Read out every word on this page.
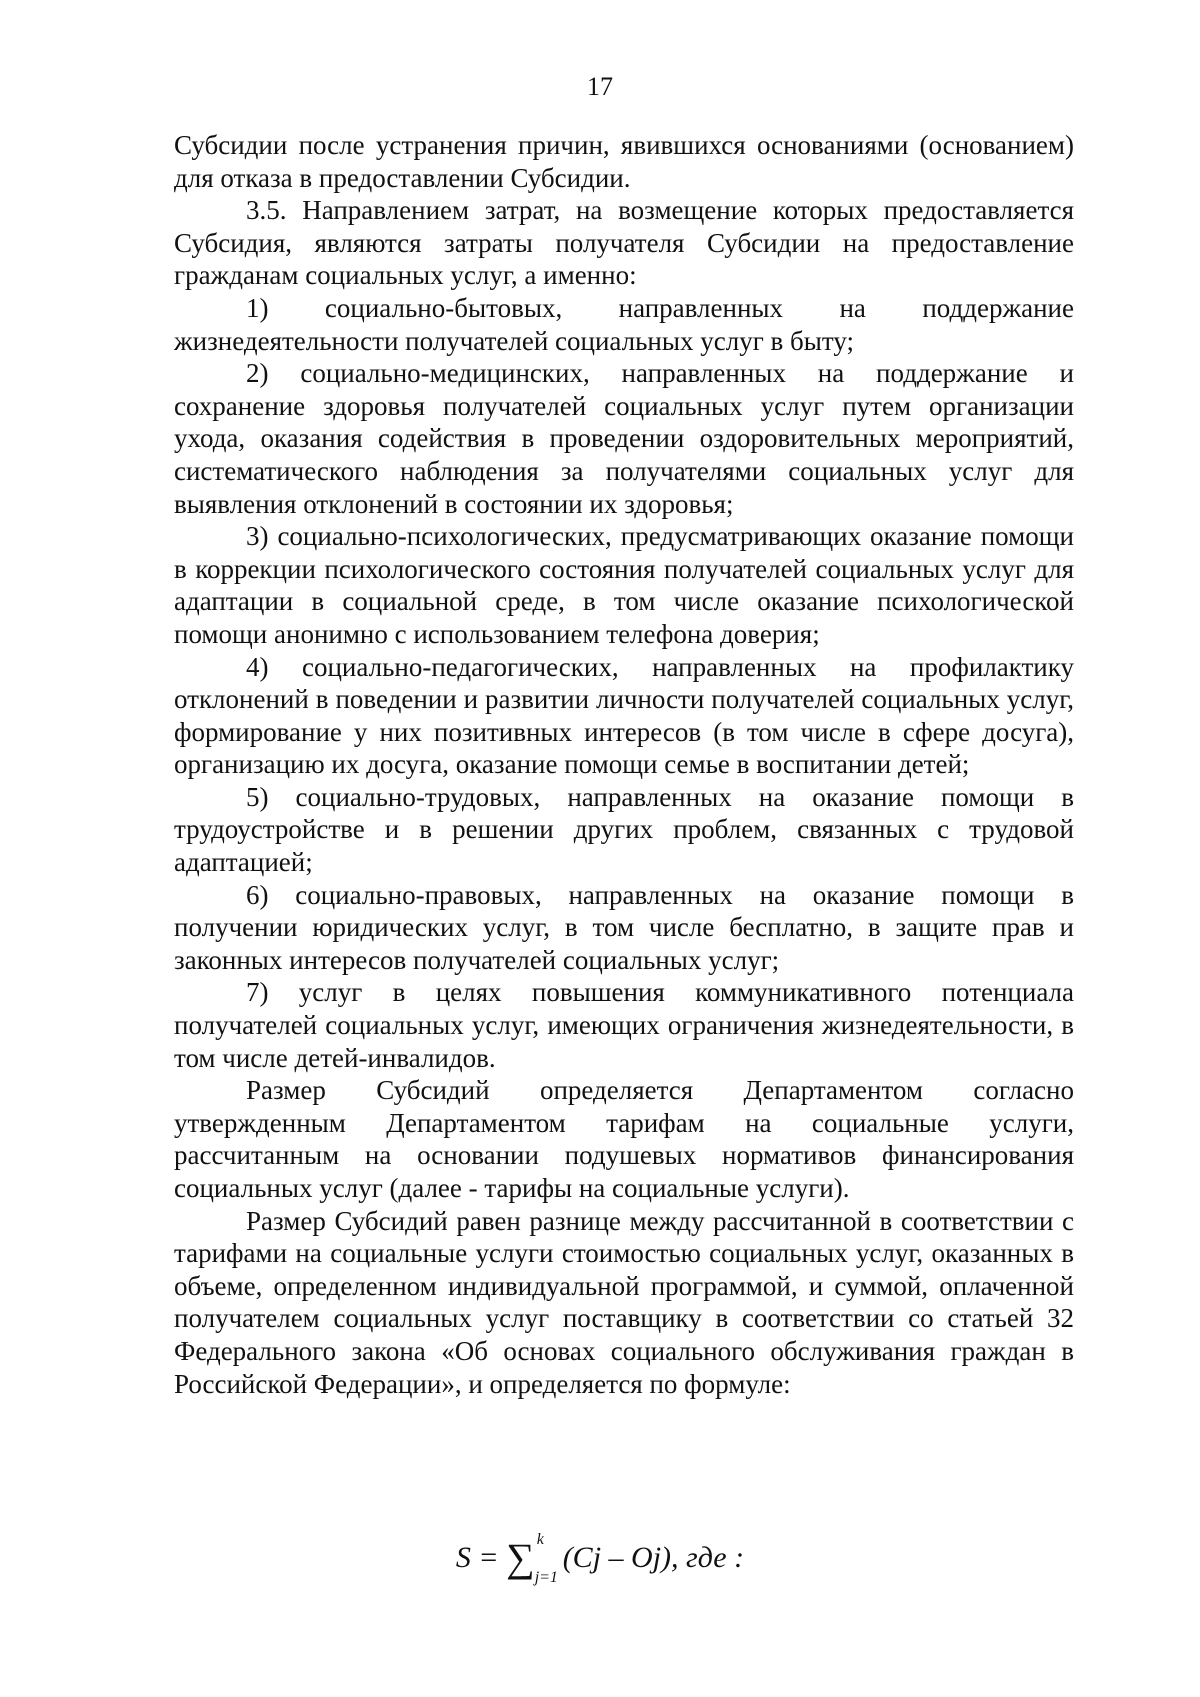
17

Субсидии после устранения причин, явившихся основаниями (основанием) для отказа в предоставлении Субсидии.

3.5. Направлением затрат, на возмещение которых предоставляется Субсидия, являются затраты получателя Субсидии на предоставление гражданам социальных услуг, а именно:

1) социально-бытовых, направленных на поддержание жизнедеятельности получателей социальных услуг в быту;

2) социально-медицинских, направленных на поддержание и сохранение здоровья получателей социальных услуг путем организации ухода, оказания содействия в проведении оздоровительных мероприятий, систематического наблюдения за получателями социальных услуг для выявления отклонений в состоянии их здоровья;

3) социально-психологических, предусматривающих оказание помощи в коррекции психологического состояния получателей социальных услуг для адаптации в социальной среде, в том числе оказание психологической помощи анонимно с использованием телефона доверия;

4) социально-педагогических, направленных на профилактику отклонений в поведении и развитии личности получателей социальных услуг, формирование у них позитивных интересов (в том числе в сфере досуга), организацию их досуга, оказание помощи семье в воспитании детей;

5) социально-трудовых, направленных на оказание помощи в трудоустройстве и в решении других проблем, связанных с трудовой адаптацией;

6) социально-правовых, направленных на оказание помощи в получении юридических услуг, в том числе бесплатно, в защите прав и законных интересов получателей социальных услуг;

7) услуг в целях повышения коммуникативного потенциала получателей социальных услуг, имеющих ограничения жизнедеятельности, в том числе детей-инвалидов.

Размер Субсидий определяется Департаментом согласно утвержденным Департаментом тарифам на социальные услуги, рассчитанным на основании подушевых нормативов финансирования социальных услуг (далее - тарифы на социальные услуги).

Размер Субсидий равен разнице между рассчитанной в соответствии с тарифами на социальные услуги стоимостью социальных услуг, оказанных в объеме, определенном индивидуальной программой, и суммой, оплаченной получателем социальных услуг поставщику в соответствии со статьей 32 Федерального закона «Об основах социального обслуживания граждан в Российской Федерации», и определяется по формуле:

S = ∑ k
j=1
(Cj – Oj), где :
